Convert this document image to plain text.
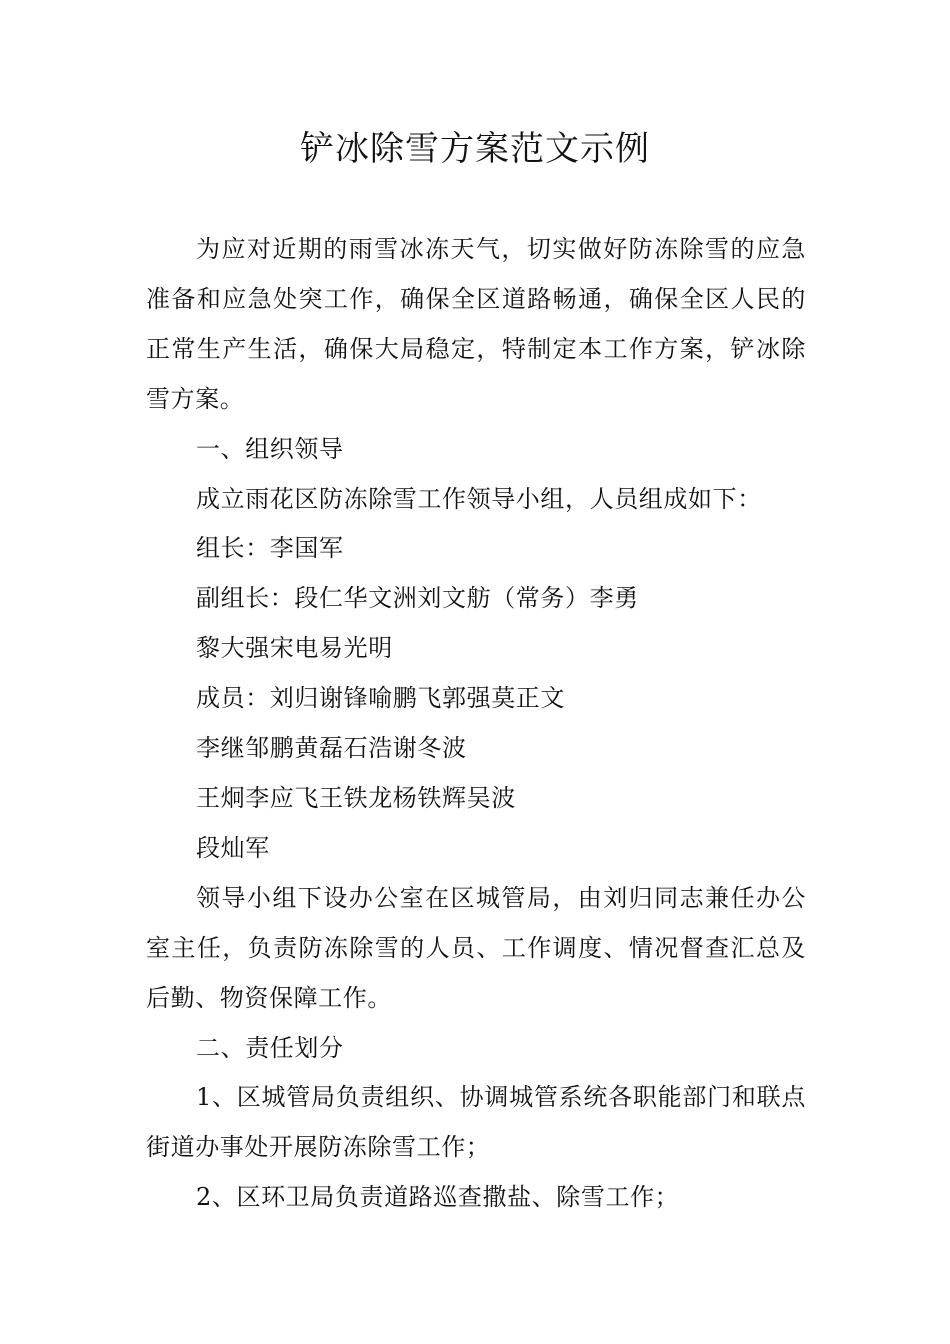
铲冰除雪方案范文示例

为应对近期的雨雪冰冻天气，切实做好防冻除雪的应急准备和应急处突工作，确保全区道路畅通，确保全区人民的正常生产生活，确保大局稳定，特制定本工作方案，铲冰除雪方案。

一、组织领导

成立雨花区防冻除雪工作领导小组，人员组成如下：

组长：李国军

副组长：段仁华文洲刘文舫（常务）李勇

黎大强宋电易光明

成员：刘归谢锋喻鹏飞郭强莫正文

李继邹鹏黄磊石浩谢冬波

王炯李应飞王铁龙杨铁辉吴波

段灿军

领导小组下设办公室在区城管局，由刘归同志兼任办公室主任，负责防冻除雪的人员、工作调度、情况督查汇总及后勤、物资保障工作。

二、责任划分

1、区城管局负责组织、协调城管系统各职能部门和联点街道办事处开展防冻除雪工作；

2、区环卫局负责道路巡查撒盐、除雪工作；
